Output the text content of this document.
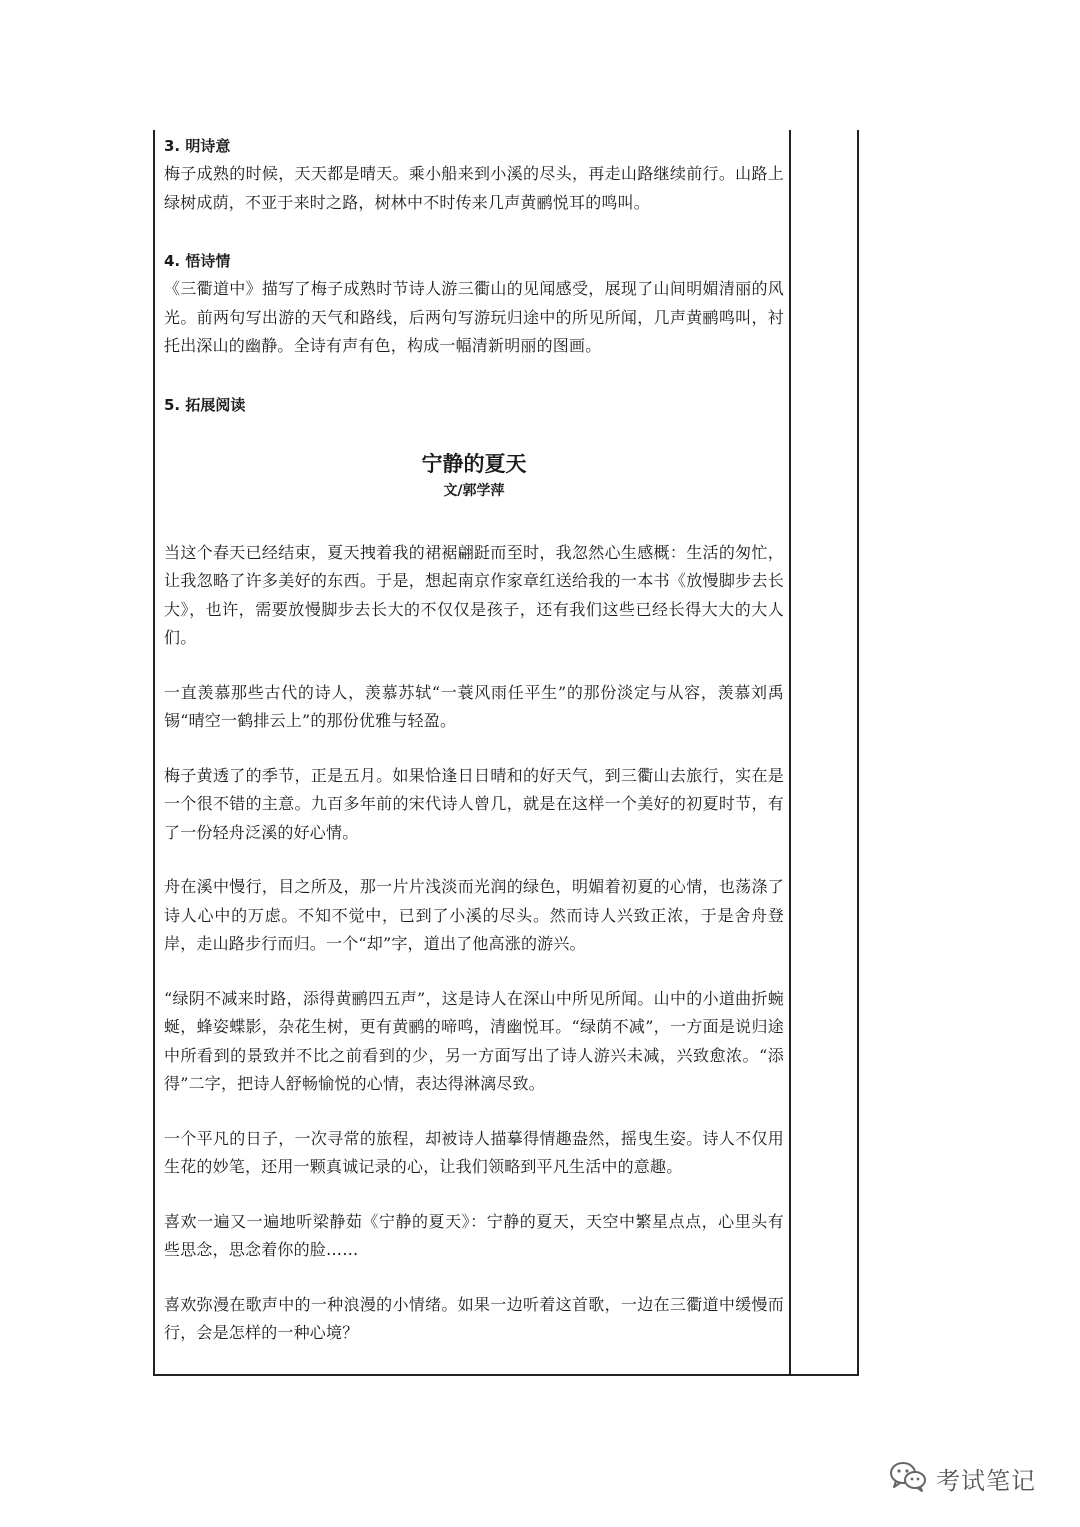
3. 明诗意

梅子成熟的时候，天天都是晴天。乘小船来到小溪的尽头，再走山路继续前行。山路上绿树成荫，不亚于来时之路，树林中不时传来几声黄鹂悦耳的鸣叫。

4. 悟诗情

《三衢道中》描写了梅子成熟时节诗人游三衢山的见闻感受，展现了山间明媚清丽的风光。前两句写出游的天气和路线，后两句写游玩归途中的所见所闻，几声黄鹂鸣叫，衬托出深山的幽静。全诗有声有色，构成一幅清新明丽的图画。

5. 拓展阅读

宁静的夏天

文/郭学萍

当这个春天已经结束，夏天拽着我的裙裾翩跹而至时，我忽然心生感概：生活的匆忙，让我忽略了许多美好的东西。于是，想起南京作家章红送给我的一本书《放慢脚步去长大》，也许，需要放慢脚步去长大的不仅仅是孩子，还有我们这些已经长得大大的大人们。

一直羡慕那些古代的诗人，羡慕苏轼“一蓑风雨任平生”的那份淡定与从容，羡慕刘禹锡“晴空一鹤排云上”的那份优雅与轻盈。

梅子黄透了的季节，正是五月。如果恰逢日日晴和的好天气，到三衢山去旅行，实在是一个很不错的主意。九百多年前的宋代诗人曾几，就是在这样一个美好的初夏时节，有了一份轻舟泛溪的好心情。

舟在溪中慢行，目之所及，那一片片浅淡而光润的绿色，明媚着初夏的心情，也荡涤了诗人心中的万虑。不知不觉中，已到了小溪的尽头。然而诗人兴致正浓，于是舍舟登岸，走山路步行而归。一个“却”字，道出了他高涨的游兴。

“绿阴不减来时路，添得黄鹂四五声”，这是诗人在深山中所见所闻。山中的小道曲折蜿蜒，蜂姿蝶影，杂花生树，更有黄鹂的啼鸣，清幽悦耳。“绿荫不减”，一方面是说归途中所看到的景致并不比之前看到的少，另一方面写出了诗人游兴未减，兴致愈浓。“添得”二字，把诗人舒畅愉悦的心情，表达得淋漓尽致。

一个平凡的日子，一次寻常的旅程，却被诗人描摹得情趣盎然，摇曳生姿。诗人不仅用生花的妙笔，还用一颗真诚记录的心，让我们领略到平凡生活中的意趣。

喜欢一遍又一遍地听梁静茹《宁静的夏天》：宁静的夏天，天空中繁星点点，心里头有些思念，思念着你的脸……

喜欢弥漫在歌声中的一种浪漫的小情绪。如果一边听着这首歌，一边在三衢道中缓慢而行，会是怎样的一种心境？

考试笔记
